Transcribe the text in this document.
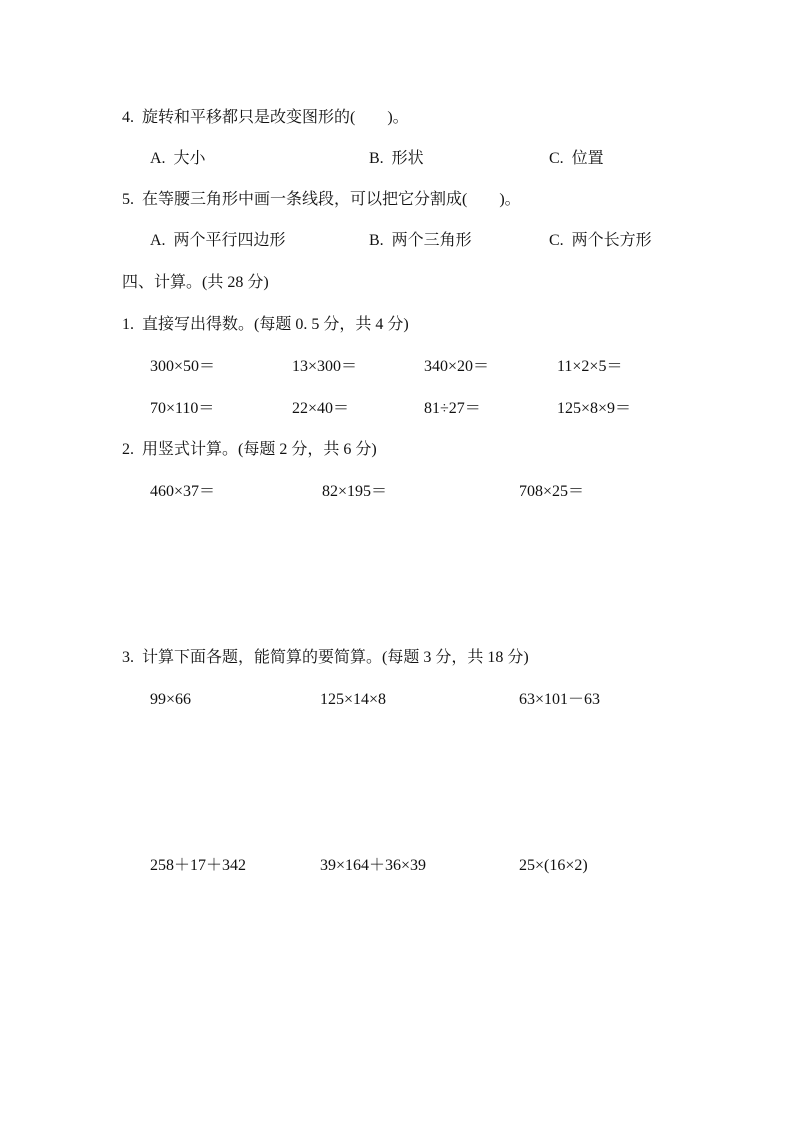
4.  旋转和平移都只是改变图形的(        )。
A.  大小	B.  形状	C.  位置
5.  在等腰三角形中画一条线段，可以把它分割成(        )。
A.  两个平行四边形	B.  两个三角形	C.  两个长方形
四、计算。(共 28 分)
1.  直接写出得数。(每题 0. 5 分，共 4 分)
300×50＝	13×300＝	340×20＝	11×2×5＝
70×110＝	22×40＝	81÷27＝	125×8×9＝
2.  用竖式计算。(每题 2 分，共 6 分)
460×37＝	82×195＝	708×25＝
3.  计算下面各题，能简算的要简算。(每题 3 分，共 18 分)
99×66	125×14×8	63×101－63
258＋17＋342	39×164＋36×39	25×(16×2)
